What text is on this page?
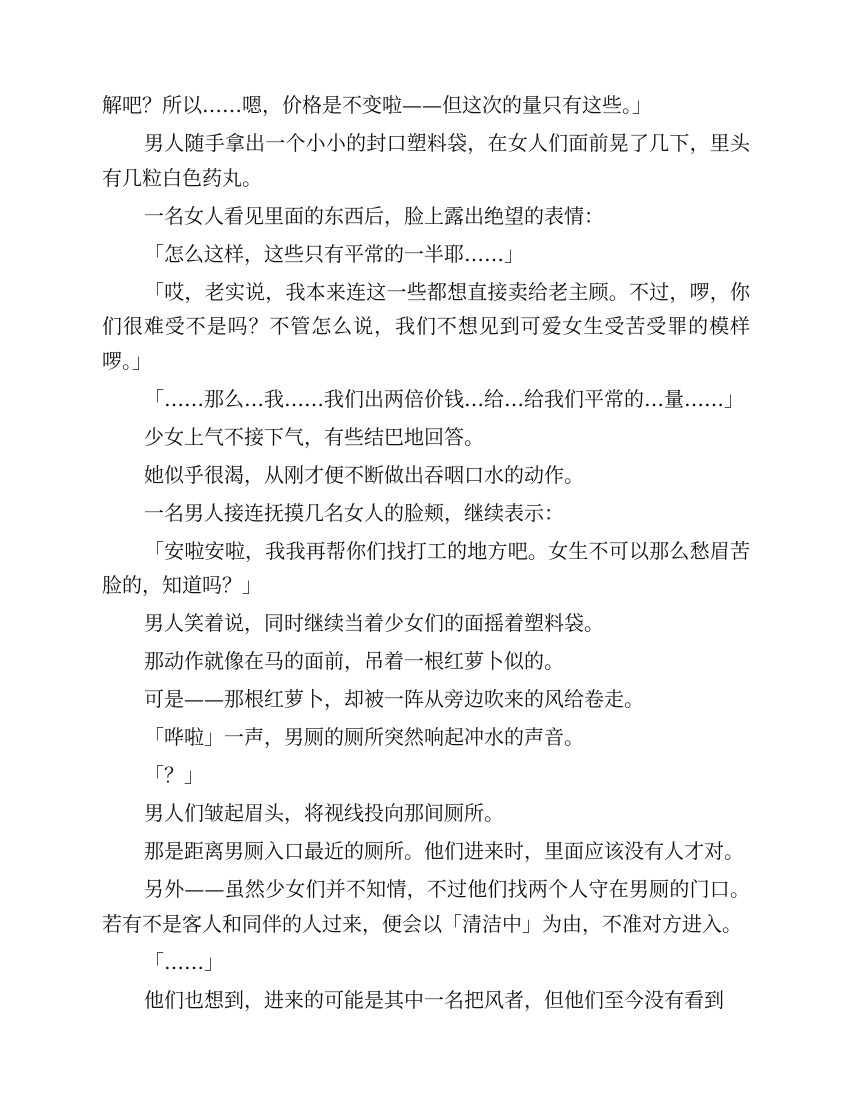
解吧？所以……嗯，价格是不变啦——但这次的量只有这些。」

男人随手拿出一个小小的封口塑料袋，在女人们面前晃了几下，里头有几粒白色药丸。

一名女人看见里面的东西后，脸上露出绝望的表情：

「怎么这样，这些只有平常的一半耶……」

「哎，老实说，我本来连这一些都想直接卖给老主顾。不过，啰，你们很难受不是吗？不管怎么说，我们不想见到可爱女生受苦受罪的模样啰。」

「……那么…我……我们出两倍价钱…给…给我们平常的…量……」

少女上气不接下气，有些结巴地回答。

她似乎很渴，从刚才便不断做出吞咽口水的动作。

一名男人接连抚摸几名女人的脸颊，继续表示：

「安啦安啦，我我再帮你们找打工的地方吧。女生不可以那么愁眉苦脸的，知道吗？」

男人笑着说，同时继续当着少女们的面摇着塑料袋。

那动作就像在马的面前，吊着一根红萝卜似的。

可是——那根红萝卜，却被一阵从旁边吹来的风给卷走。

「哗啦」一声，男厕的厕所突然响起冲水的声音。

「？」

男人们皱起眉头，将视线投向那间厕所。

那是距离男厕入口最近的厕所。他们进来时，里面应该没有人才对。

另外——虽然少女们并不知情，不过他们找两个人守在男厕的门口。若有不是客人和同伴的人过来，便会以「清洁中」为由，不准对方进入。

「……」

他们也想到，进来的可能是其中一名把风者，但他们至今没有看到
